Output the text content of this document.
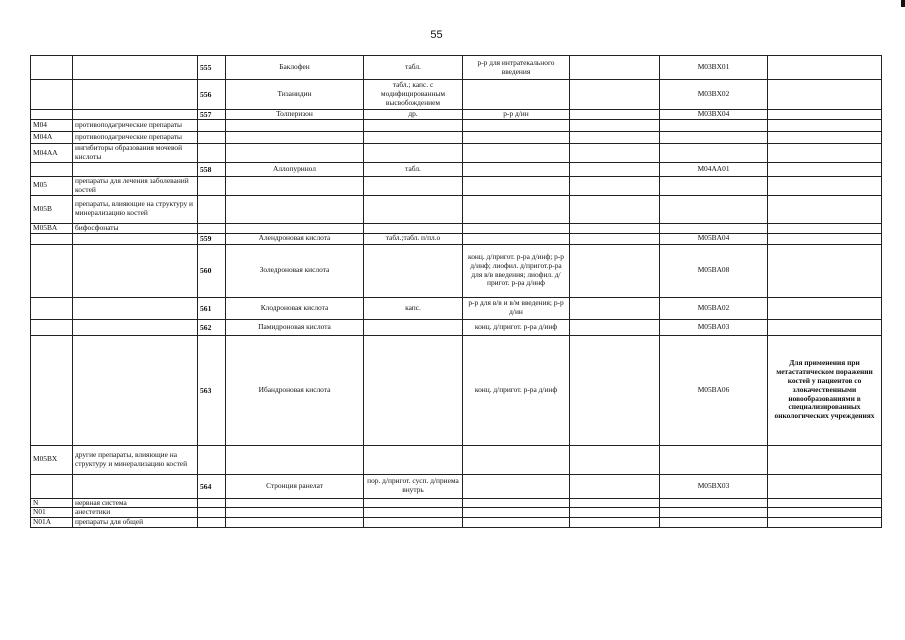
55
		555	Баклофен	табл.	р-р для интратекального введения		M03BX01	
		556	Тизанидин	табл.; капс. с модифицированным высвобождением			M03BX02	
		557	Толперизон	др.	р-р д/ин		M03BX04	
M04	противоподагрические препараты							
M04A	противоподагрические препараты							
M04AA	ингибиторы образования мочевой кислоты							
		558	Аллопуринол	табл.			M04AA01	
M05	препараты для лечения заболеваний костей							
M05B	препараты, влияющие на структуру и минерализацию костей							
M05BA	бифосфонаты							
		559	Алендроновая кислота	табл.;табл. п/пл.о			M05BA04	
		560	Золедроновая кислота		конц. д/пригот. р-ра д/инф; р-р д/инф; лиофил. д/пригот.р-ра для в/в введения; лиофил. д/пригот. р-ра д/инф		M05BA08	
		561	Клодроновая кислота	капс.	р-р для в/в и в/м введения; р-р д/ин		M05BA02	
		562	Памидроновая кислота		конц. д/пригот. р-ра д/инф		M05BA03	
		563	Ибандроновая кислота		конц. д/пригот. р-ра д/инф		M05BA06	Для применения при метастатическом поражении костей у пациентов со злокачественными новообразованиями в специализированных онкологических учреждениях
M05BX	другие препараты, влияющие на структуру и минерализацию костей							
		564	Стронция ранелат	пор. д/пригот. сусп. д/приема внутрь			M05BX03	
N	нервная система							
N01	анестетики							
N01A	препараты для общей							
